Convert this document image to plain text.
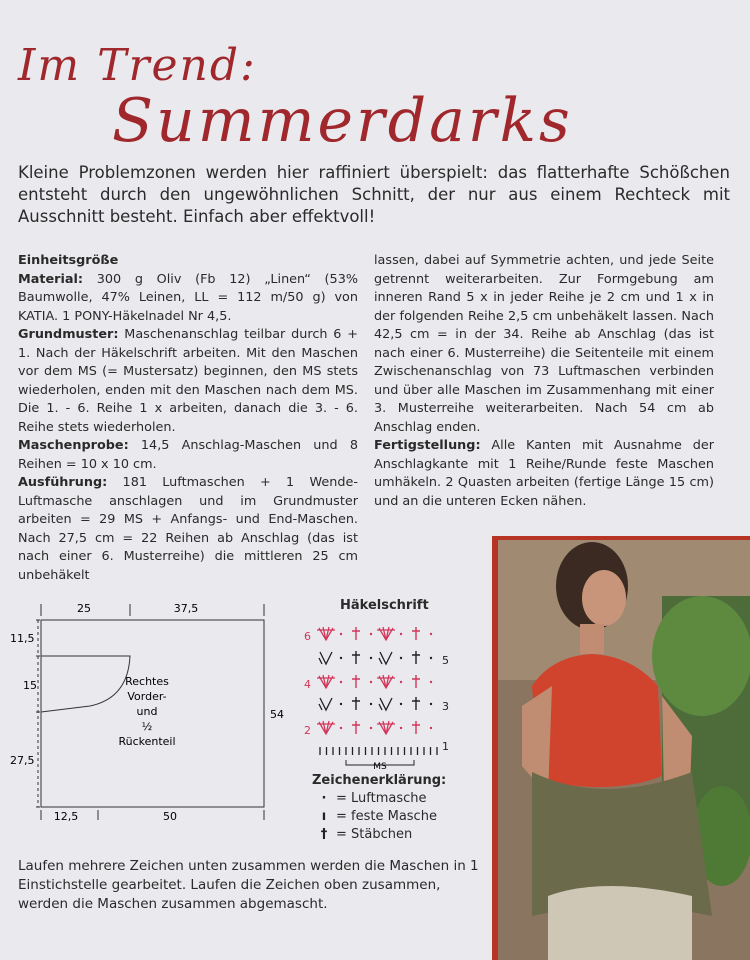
Im Trend:
Summerdarks
Kleine Problemzonen werden hier raffiniert überspielt: das flatterhafte Schößchen entsteht durch den ungewöhnlichen Schnitt, der nur aus einem Rechteck mit Ausschnitt besteht. Einfach aber effektvoll!

Einheitsgröße

Material: 300 g Oliv (Fb 12) „Linen“ (53% Baumwolle, 47% Leinen, LL = 112 m/50 g) von KATIA. 1 PONY-Häkelnadel Nr 4,5.

Grundmuster: Maschenanschlag teilbar durch 6 + 1. Nach der Häkelschrift arbeiten. Mit den Maschen vor dem MS (= Mustersatz) beginnen, den MS stets wiederholen, enden mit den Maschen nach dem MS. Die 1. - 6. Reihe 1 x arbeiten, danach die 3. - 6. Reihe stets wiederholen.

Maschenprobe: 14,5 Anschlag-Maschen und 8 Reihen = 10 x 10 cm.

Ausführung: 181 Luftmaschen + 1 Wende-Luftmasche anschlagen und im Grundmuster arbeiten = 29 MS + Anfangs- und End-Maschen. Nach 27,5 cm = 22 Reihen ab Anschlag (das ist nach einer 6. Musterreihe) die mittleren 25 cm unbehäkelt

lassen, dabei auf Symmetrie achten, und jede Seite getrennt weiterarbeiten. Zur Formgebung am inneren Rand 5 x in jeder Reihe je 2 cm und 1 x in der folgenden Reihe 2,5 cm unbehäkelt lassen. Nach 42,5 cm = in der 34. Reihe ab Anschlag (das ist nach einer 6. Musterreihe) die Seitenteile mit einem Zwischenanschlag von 73 Luftmaschen verbinden und über alle Maschen im Zusammenhang mit einer 3. Musterreihe weiterarbeiten. Nach 54 cm ab Anschlag enden.

Fertigstellung: Alle Kanten mit Ausnahme der Anschlagkante mit 1 Reihe/Runde feste Maschen umhäkeln. 2 Quasten arbeiten (fertige Länge 15 cm) und an die unteren Ecken nähen.

25	37,5
11,5
15
27,5
54
12,5	50
Rechtes
Vorder-
und
½
Rückenteil
Häkelschrift
6
4
2
5
3
1
MS
Zeichenerklärung:
· = Luftmasche
ı = feste Masche
† = Stäbchen
Laufen mehrere Zeichen unten zusammen werden die Maschen in 1 Einstichstelle gearbeitet. Laufen die Zeichen oben zusammen, werden die Maschen zusammen abgemascht.
